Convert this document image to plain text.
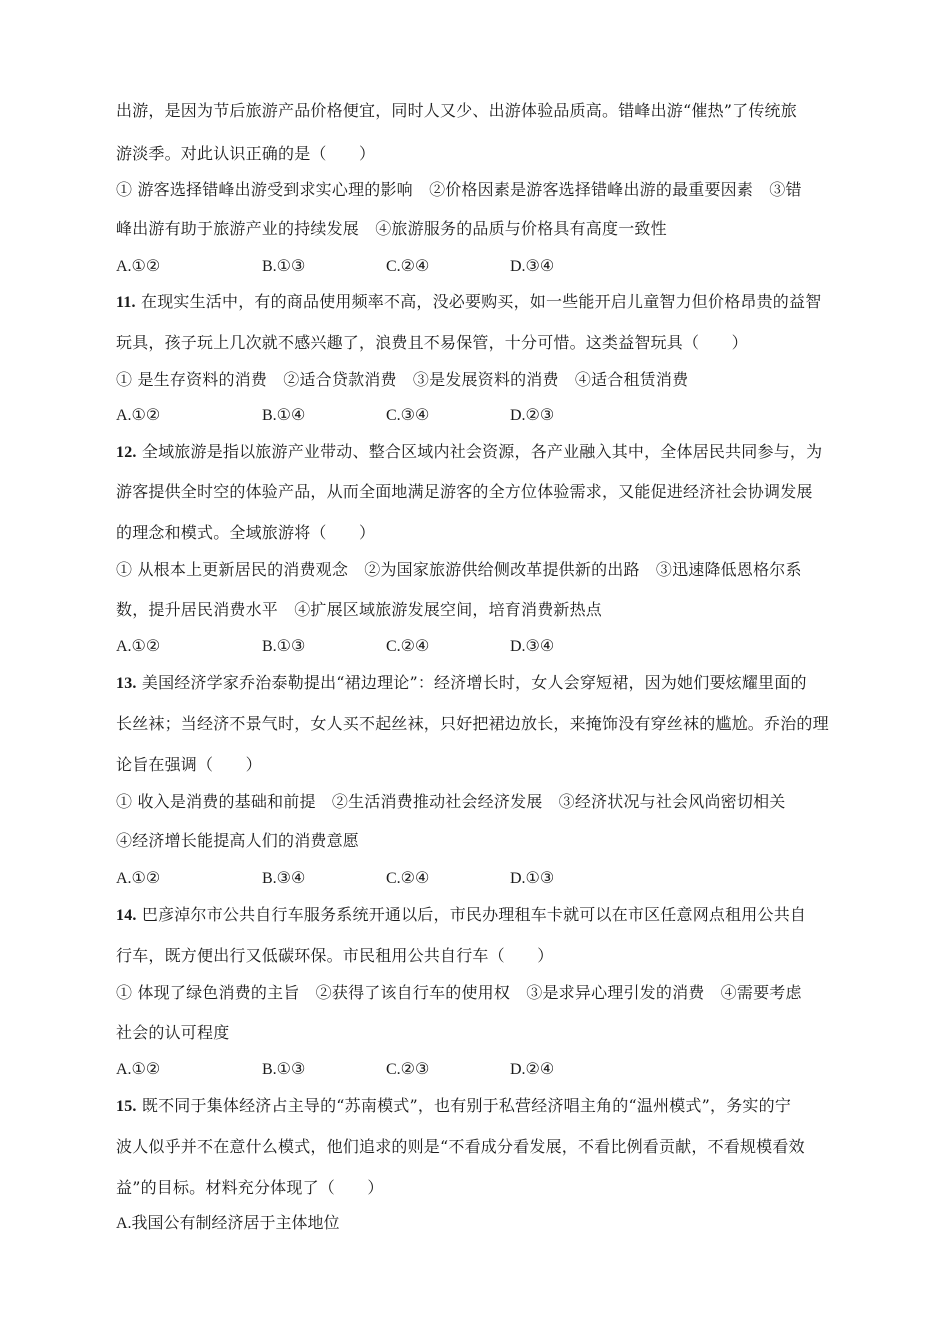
出游，是因为节后旅游产品价格便宜，同时人又少、出游体验品质高。错峰出游“催热”了传统旅
游淡季。对此认识正确的是（　　）
① 游客选择错峰出游受到求实心理的影响　②价格因素是游客选择错峰出游的最重要因素　③错
峰出游有助于旅游产业的持续发展　④旅游服务的品质与价格具有高度一致性
A.①②	B.①③	C.②④	D.③④
11. 在现实生活中，有的商品使用频率不高，没必要购买，如一些能开启儿童智力但价格昂贵的益智
玩具，孩子玩上几次就不感兴趣了，浪费且不易保管，十分可惜。这类益智玩具（　　）
① 是生存资料的消费　②适合贷款消费　③是发展资料的消费　④适合租赁消费
A.①②	B.①④	C.③④	D.②③
12. 全域旅游是指以旅游产业带动、整合区域内社会资源，各产业融入其中，全体居民共同参与，为
游客提供全时空的体验产品，从而全面地满足游客的全方位体验需求，又能促进经济社会协调发展
的理念和模式。全域旅游将（　　）
① 从根本上更新居民的消费观念　②为国家旅游供给侧改革提供新的出路　③迅速降低恩格尔系
数，提升居民消费水平　④扩展区域旅游发展空间，培育消费新热点
A.①②	B.①③	C.②④	D.③④
13. 美国经济学家乔治泰勒提出“裙边理论”：经济增长时，女人会穿短裙，因为她们要炫耀里面的
长丝袜；当经济不景气时，女人买不起丝袜，只好把裙边放长，来掩饰没有穿丝袜的尴尬。乔治的理
论旨在强调（　　）
① 收入是消费的基础和前提　②生活消费推动社会经济发展　③经济状况与社会风尚密切相关
④经济增长能提高人们的消费意愿
A.①②	B.③④	C.②④	D.①③
14. 巴彦淖尔市公共自行车服务系统开通以后，市民办理租车卡就可以在市区任意网点租用公共自
行车，既方便出行又低碳环保。市民租用公共自行车（　　）
① 体现了绿色消费的主旨　②获得了该自行车的使用权　③是求异心理引发的消费　④需要考虑
社会的认可程度
A.①②	B.①③	C.②③	D.②④
15. 既不同于集体经济占主导的“苏南模式”，也有别于私营经济唱主角的“温州模式”，务实的宁
波人似乎并不在意什么模式，他们追求的则是“不看成分看发展，不看比例看贡献，不看规模看效
益”的目标。材料充分体现了（　　）
A.我国公有制经济居于主体地位
